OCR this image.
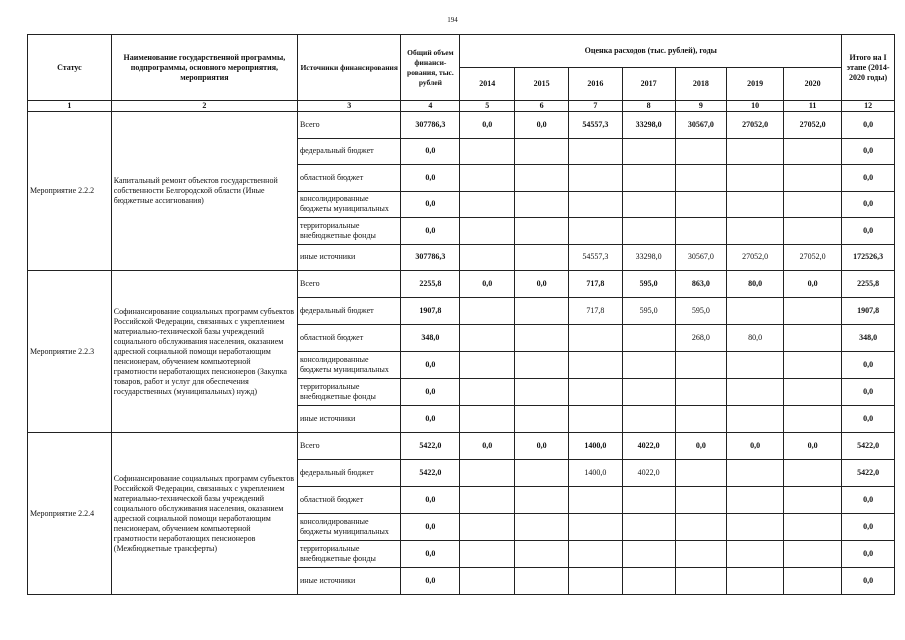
194
Статус	Наименование государственной программы, подпрограммы, основного мероприятия, мероприятия	Источники финансирования	Общий объем финанси-рования, тыс. рублей	Оценка расходов (тыс. рублей), годы							Итого на I этапе (2014-2020 годы)
				2014	2015	2016	2017	2018	2019	2020	
1	2	3	4	5	6	7	8	9	10	11	12
Мероприятие 2.2.2	Капитальный ремонт объектов государственной собственности Белгородской области (Иные бюджетные ассигнования)	Всего	307786,3	0,0	0,0	54557,3	33298,0	30567,0	27052,0	27052,0	0,0
		федеральный бюджет	0,0								0,0
		областной бюджет	0,0								0,0
		консолидированные бюджеты муниципальных	0,0								0,0
		территориальные внебюджетные фонды	0,0								0,0
		иные источники	307786,3			54557,3	33298,0	30567,0	27052,0	27052,0	172526,3
Мероприятие 2.2.3	Софинансирование социальных программ субъектов Российской Федерации, связанных с укреплением материально-технической базы учреждений социального обслуживания населения, оказанием адресной социальной помощи неработающим пенсионерам, обучением компьютерной грамотности неработающих пенсионеров (Закупка товаров, работ и услуг для обеспечения государственных (муниципальных) нужд)	Всего	2255,8	0,0	0,0	717,8	595,0	863,0	80,0	0,0	2255,8
		федеральный бюджет	1907,8			717,8	595,0	595,0			1907,8
		областной бюджет	348,0					268,0	80,0		348,0
		консолидированные бюджеты муниципальных	0,0								0,0
		территориальные внебюджетные фонды	0,0								0,0
		иные источники	0,0								0,0
Мероприятие 2.2.4	Софинансирование социальных программ субъектов Российской Федерации, связанных с укреплением материально-технической базы учреждений социального обслуживания населения, оказанием адресной социальной помощи неработающим пенсионерам, обучением компьютерной грамотности неработающих пенсионеров (Межбюджетные трансферты)	Всего	5422,0	0,0	0,0	1400,0	4022,0	0,0	0,0	0,0	5422,0
		федеральный бюджет	5422,0			1400,0	4022,0				5422,0
		областной бюджет	0,0								0,0
		консолидированные бюджеты муниципальных	0,0								0,0
		территориальные внебюджетные фонды	0,0								0,0
		иные источники	0,0								0,0
